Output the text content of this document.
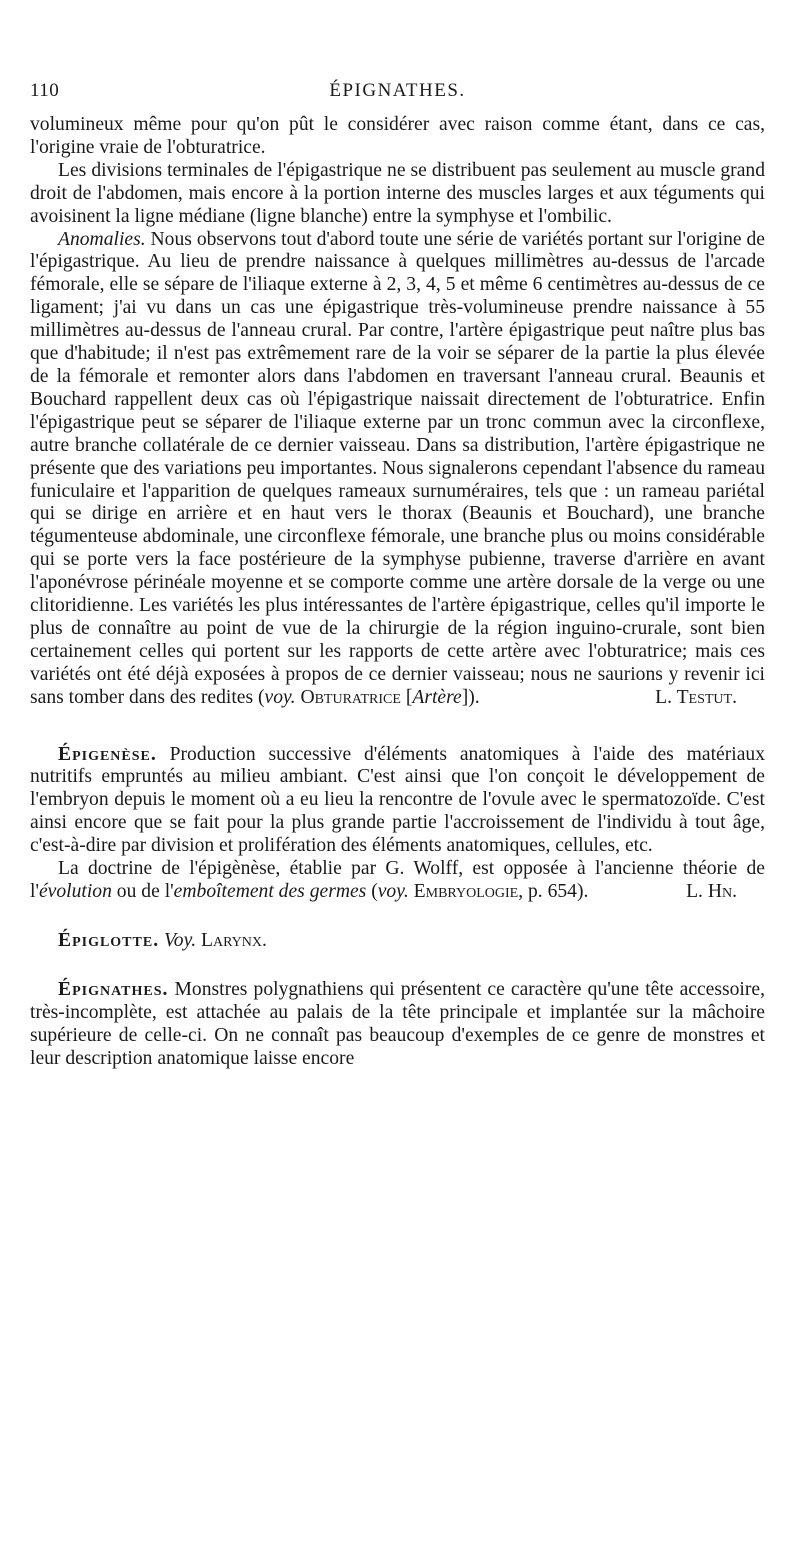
110	ÉPIGNATHES.

volumineux même pour qu'on pût le considérer avec raison comme étant, dans ce cas, l'origine vraie de l'obturatrice.

Les divisions terminales de l'épigastrique ne se distribuent pas seulement au muscle grand droit de l'abdomen, mais encore à la portion interne des muscles larges et aux téguments qui avoisinent la ligne médiane (ligne blanche) entre la symphyse et l'ombilic.

Anomalies. Nous observons tout d'abord toute une série de variétés portant sur l'origine de l'épigastrique. Au lieu de prendre naissance à quelques millimètres au-dessus de l'arcade fémorale, elle se sépare de l'iliaque externe à 2, 3, 4, 5 et même 6 centimètres au-dessus de ce ligament; j'ai vu dans un cas une épigastrique très-volumineuse prendre naissance à 55 millimètres au-dessus de l'anneau crural. Par contre, l'artère épigastrique peut naître plus bas que d'habitude; il n'est pas extrêmement rare de la voir se séparer de la partie la plus élevée de la fémorale et remonter alors dans l'abdomen en traversant l'anneau crural. Beaunis et Bouchard rappellent deux cas où l'épigastrique naissait directement de l'obturatrice. Enfin l'épigastrique peut se séparer de l'iliaque externe par un tronc commun avec la circonflexe, autre branche collatérale de ce dernier vaisseau. Dans sa distribution, l'artère épigastrique ne présente que des variations peu importantes. Nous signalerons cependant l'absence du rameau funiculaire et l'apparition de quelques rameaux surnuméraires, tels que : un rameau pariétal qui se dirige en arrière et en haut vers le thorax (Beaunis et Bouchard), une branche tégumenteuse abdominale, une circonflexe fémorale, une branche plus ou moins considérable qui se porte vers la face postérieure de la symphyse pubienne, traverse d'arrière en avant l'aponévrose périnéale moyenne et se comporte comme une artère dorsale de la verge ou une clitoridienne. Les variétés les plus intéressantes de l'artère épigastrique, celles qu'il importe le plus de connaître au point de vue de la chirurgie de la région inguino-crurale, sont bien certainement celles qui portent sur les rapports de cette artère avec l'obturatrice; mais ces variétés ont été déjà exposées à propos de ce dernier vaisseau; nous ne saurions y revenir ici sans tomber dans des redites (voy. Obturatrice [Artère]).	L. Testut.

Épigenèse. Production successive d'éléments anatomiques à l'aide des matériaux nutritifs empruntés au milieu ambiant. C'est ainsi que l'on conçoit le développement de l'embryon depuis le moment où a eu lieu la rencontre de l'ovule avec le spermatozoïde. C'est ainsi encore que se fait pour la plus grande partie l'accroissement de l'individu à tout âge, c'est-à-dire par division et prolifération des éléments anatomiques, cellules, etc.

La doctrine de l'épigènèse, établie par G. Wolff, est opposée à l'ancienne théorie de l'évolution ou de l'emboîtement des germes (voy. Embryologie, p. 654).	L. Hn.

Épiglotte. Voy. Larynx.

Épignathes. Monstres polygnathiens qui présentent ce caractère qu'une tête accessoire, très-incomplète, est attachée au palais de la tête principale et implantée sur la mâchoire supérieure de celle-ci. On ne connaît pas beaucoup d'exemples de ce genre de monstres et leur description anatomique laisse encore
